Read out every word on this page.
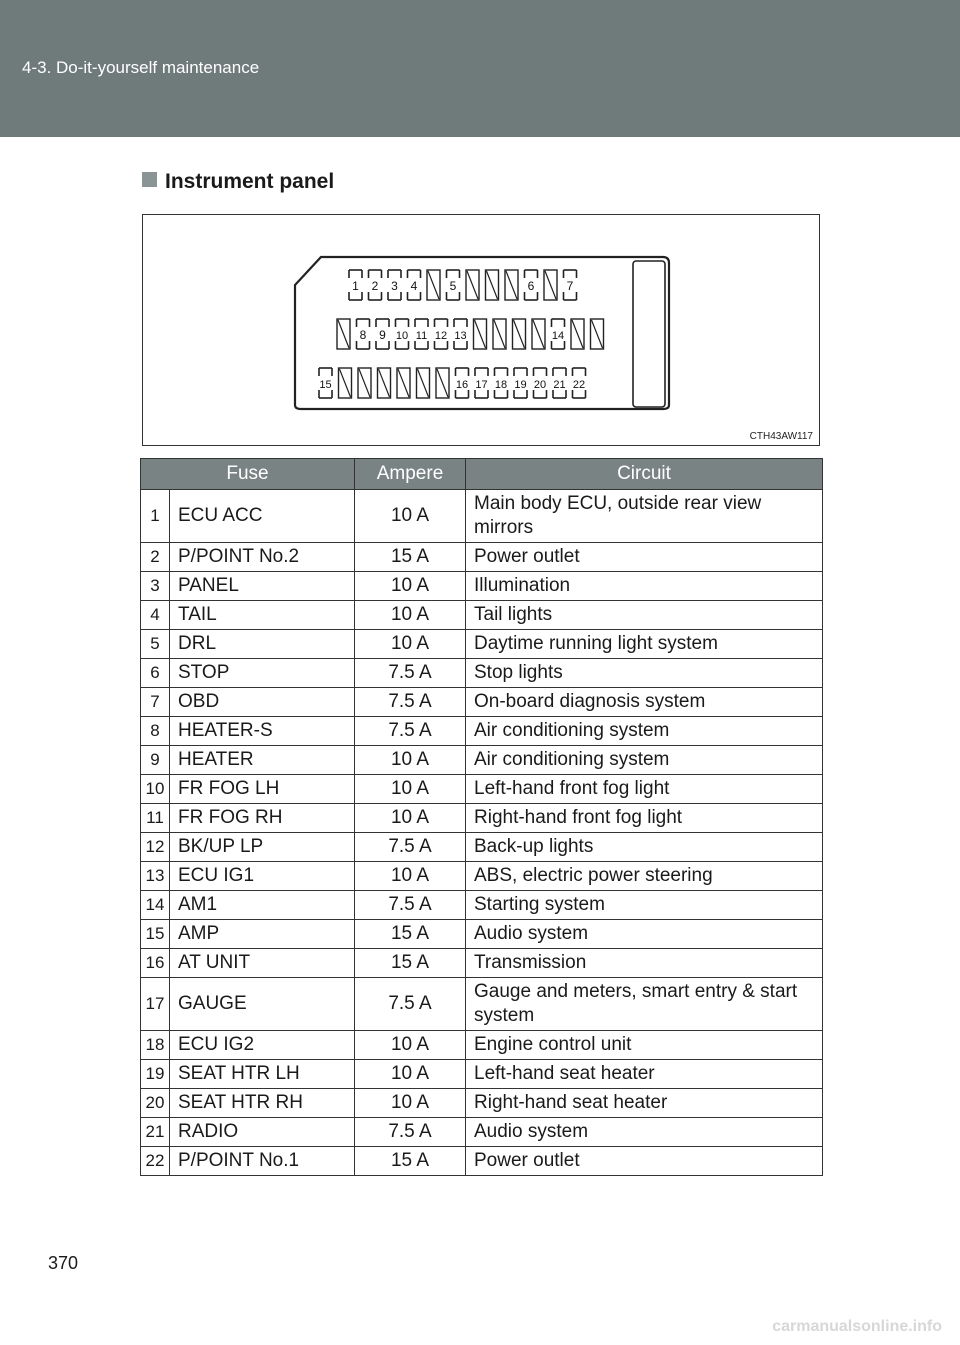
4-3. Do-it-yourself maintenance
Instrument panel
1 2 3 4	5	6	7
8 9 10 11 12 13	14
15	16 17 18 19 20 21 22
CTH43AW117
Fuse		Ampere	Circuit
1	ECU ACC	10 A	Main body ECU, outside rear view mirrors
2	P/POINT No.2	15 A	Power outlet
3	PANEL	10 A	Illumination
4	TAIL	10 A	Tail lights
5	DRL	10 A	Daytime running light system
6	STOP	7.5 A	Stop lights
7	OBD	7.5 A	On-board diagnosis system
8	HEATER-S	7.5 A	Air conditioning system
9	HEATER	10 A	Air conditioning system
10	FR FOG LH	10 A	Left-hand front fog light
11	FR FOG RH	10 A	Right-hand front fog light
12	BK/UP LP	7.5 A	Back-up lights
13	ECU IG1	10 A	ABS, electric power steering
14	AM1	7.5 A	Starting system
15	AMP	15 A	Audio system
16	AT UNIT	15 A	Transmission
17	GAUGE	7.5 A	Gauge and meters, smart entry & start system
18	ECU IG2	10 A	Engine control unit
19	SEAT HTR LH	10 A	Left-hand seat heater
20	SEAT HTR RH	10 A	Right-hand seat heater
21	RADIO	7.5 A	Audio system
22	P/POINT No.1	15 A	Power outlet
370
carmanualsonline.info
